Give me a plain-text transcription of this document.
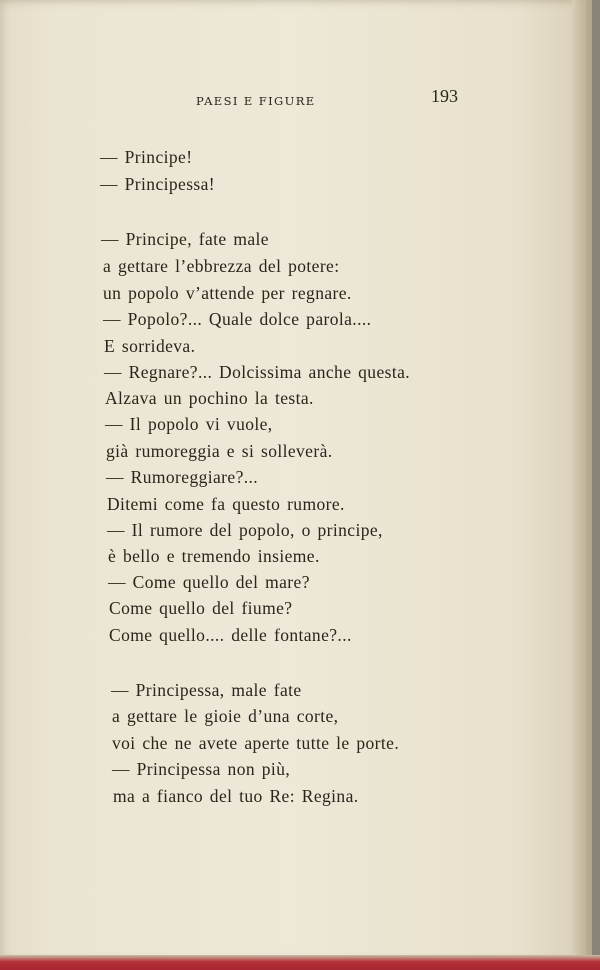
PAESI E FIGURE	193
— Principe!
— Principessa!
— Principe, fate male
a gettare l’ebbrezza del potere:
un popolo v’attende per regnare.
— Popolo?... Quale dolce parola....
E sorrideva.
— Regnare?... Dolcissima anche questa.
Alzava un pochino la testa.
— Il popolo vi vuole,
già rumoreggia e si solleverà.
— Rumoreggiare?...
Ditemi come fa questo rumore.
— Il rumore del popolo, o principe,
è bello e tremendo insieme.
— Come quello del mare?
Come quello del fiume?
Come quello.... delle fontane?...
— Principessa, male fate
a gettare le gioie d’una corte,
voi che ne avete aperte tutte le porte.
— Principessa non più,
ma a fianco del tuo Re: Regina.
